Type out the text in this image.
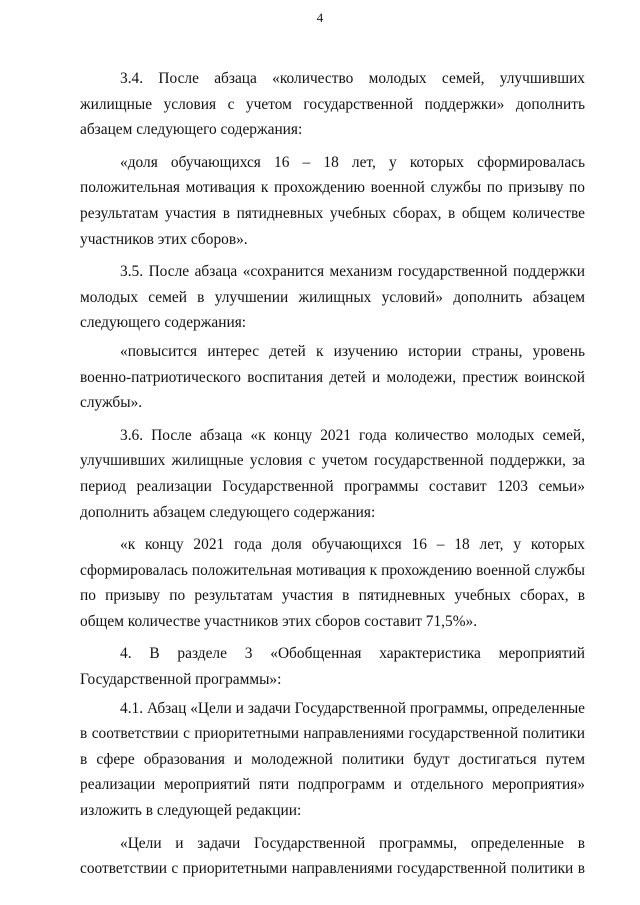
4

3.4. После абзаца «количество молодых семей, улучшивших жилищные условия с учетом государственной поддержки» дополнить абзацем следующего содержания:

«доля обучающихся 16 – 18 лет, у которых сформировалась положительная мотивация к прохождению военной службы по призыву по результатам участия в пятидневных учебных сборах, в общем количестве участников этих сборов».

3.5. После абзаца «сохранится механизм государственной поддержки молодых семей в улучшении жилищных условий» дополнить абзацем следующего содержания:

«повысится интерес детей к изучению истории страны, уровень военно-патриотического воспитания детей и молодежи, престиж воинской службы».

3.6. После абзаца «к концу 2021 года количество молодых семей, улучшивших жилищные условия с учетом государственной поддержки, за период реализации Государственной программы составит 1203 семьи» дополнить абзацем следующего содержания:

«к концу 2021 года доля обучающихся 16 – 18 лет, у которых сформировалась положительная мотивация к прохождению военной службы по призыву по результатам участия в пятидневных учебных сборах, в общем количестве участников этих сборов составит 71,5%».

4. В разделе 3 «Обобщенная характеристика мероприятий Государственной программы»:

4.1. Абзац «Цели и задачи Государственной программы, определенные в соответствии с приоритетными направлениями государственной политики в сфере образования и молодежной политики будут достигаться путем реализации мероприятий пяти подпрограмм и отдельного мероприятия» изложить в следующей редакции:

«Цели и задачи Государственной программы, определенные в соответствии с приоритетными направлениями государственной политики в
